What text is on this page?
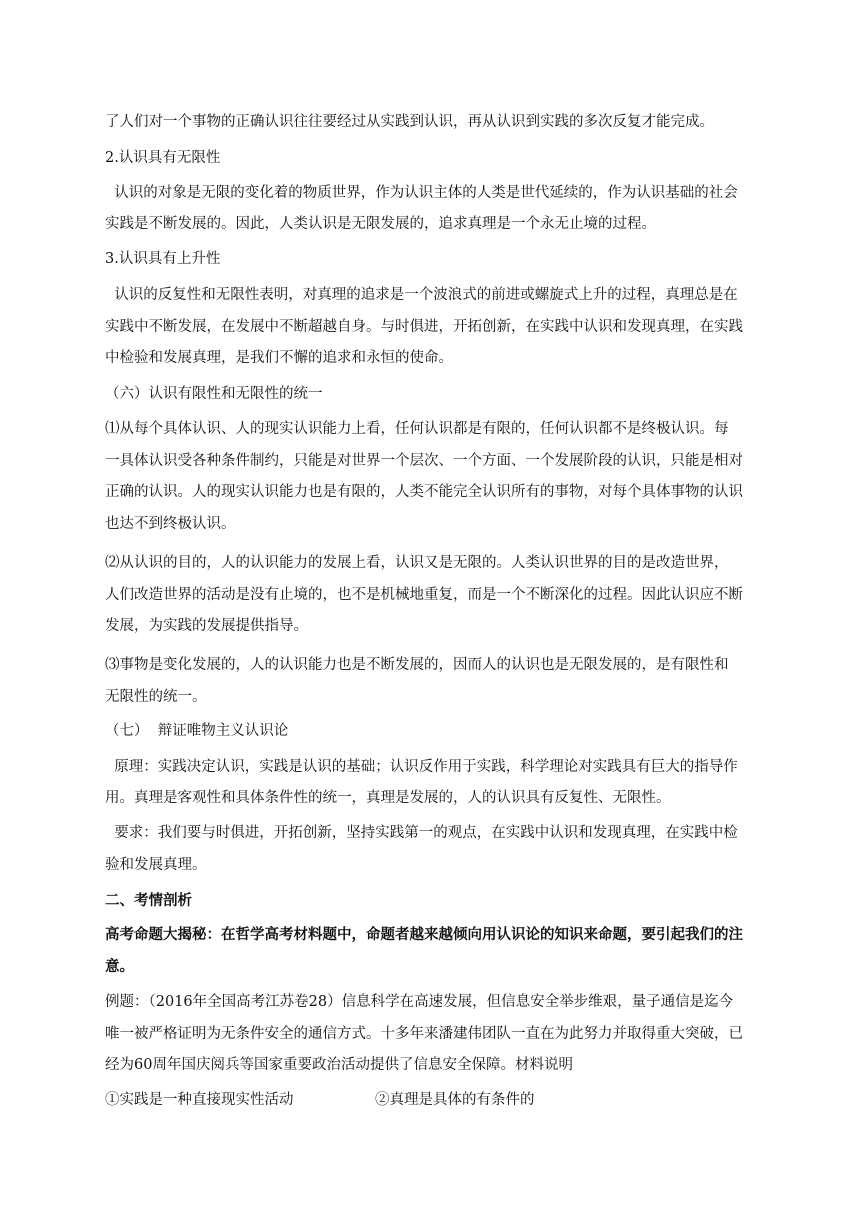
了人们对一个事物的正确认识往往要经过从实践到认识，再从认识到实践的多次反复才能完成。
2.认识具有无限性
认识的对象是无限的变化着的物质世界，作为认识主体的人类是世代延续的，作为认识基础的社会
实践是不断发展的。因此，人类认识是无限发展的，追求真理是一个永无止境的过程。
3.认识具有上升性
认识的反复性和无限性表明，对真理的追求是一个波浪式的前进或螺旋式上升的过程，真理总是在
实践中不断发展，在发展中不断超越自身。与时俱进，开拓创新，在实践中认识和发现真理，在实践
中检验和发展真理，是我们不懈的追求和永恒的使命。
（六）认识有限性和无限性的统一
⑴从每个具体认识、人的现实认识能力上看，任何认识都是有限的，任何认识都不是终极认识。每
一具体认识受各种条件制约，只能是对世界一个层次、一个方面、一个发展阶段的认识，只能是相对
正确的认识。人的现实认识能力也是有限的，人类不能完全认识所有的事物，对每个具体事物的认识
也达不到终极认识。
⑵从认识的目的，人的认识能力的发展上看，认识又是无限的。人类认识世界的目的是改造世界，
人们改造世界的活动是没有止境的，也不是机械地重复，而是一个不断深化的过程。因此认识应不断
发展，为实践的发展提供指导。
⑶事物是变化发展的，人的认识能力也是不断发展的，因而人的认识也是无限发展的，是有限性和
无限性的统一。
（七）  辩证唯物主义认识论
原理：实践决定认识，实践是认识的基础；认识反作用于实践，科学理论对实践具有巨大的指导作
用。真理是客观性和具体条件性的统一，真理是发展的，人的认识具有反复性、无限性。
要求：我们要与时俱进，开拓创新，坚持实践第一的观点，在实践中认识和发现真理，在实践中检
验和发展真理。
二、考情剖析
高考命题大揭秘：在哲学高考材料题中，命题者越来越倾向用认识论的知识来命题，要引起我们的注
意。
例题：（2016年全国高考江苏卷28）信息科学在高速发展，但信息安全举步维艰，量子通信是迄今
唯一被严格证明为无条件安全的通信方式。十多年来潘建伟团队一直在为此努力并取得重大突破，已
经为60周年国庆阅兵等国家重要政治活动提供了信息安全保障。材料说明
①实践是一种直接现实性活动	②真理是具体的有条件的
